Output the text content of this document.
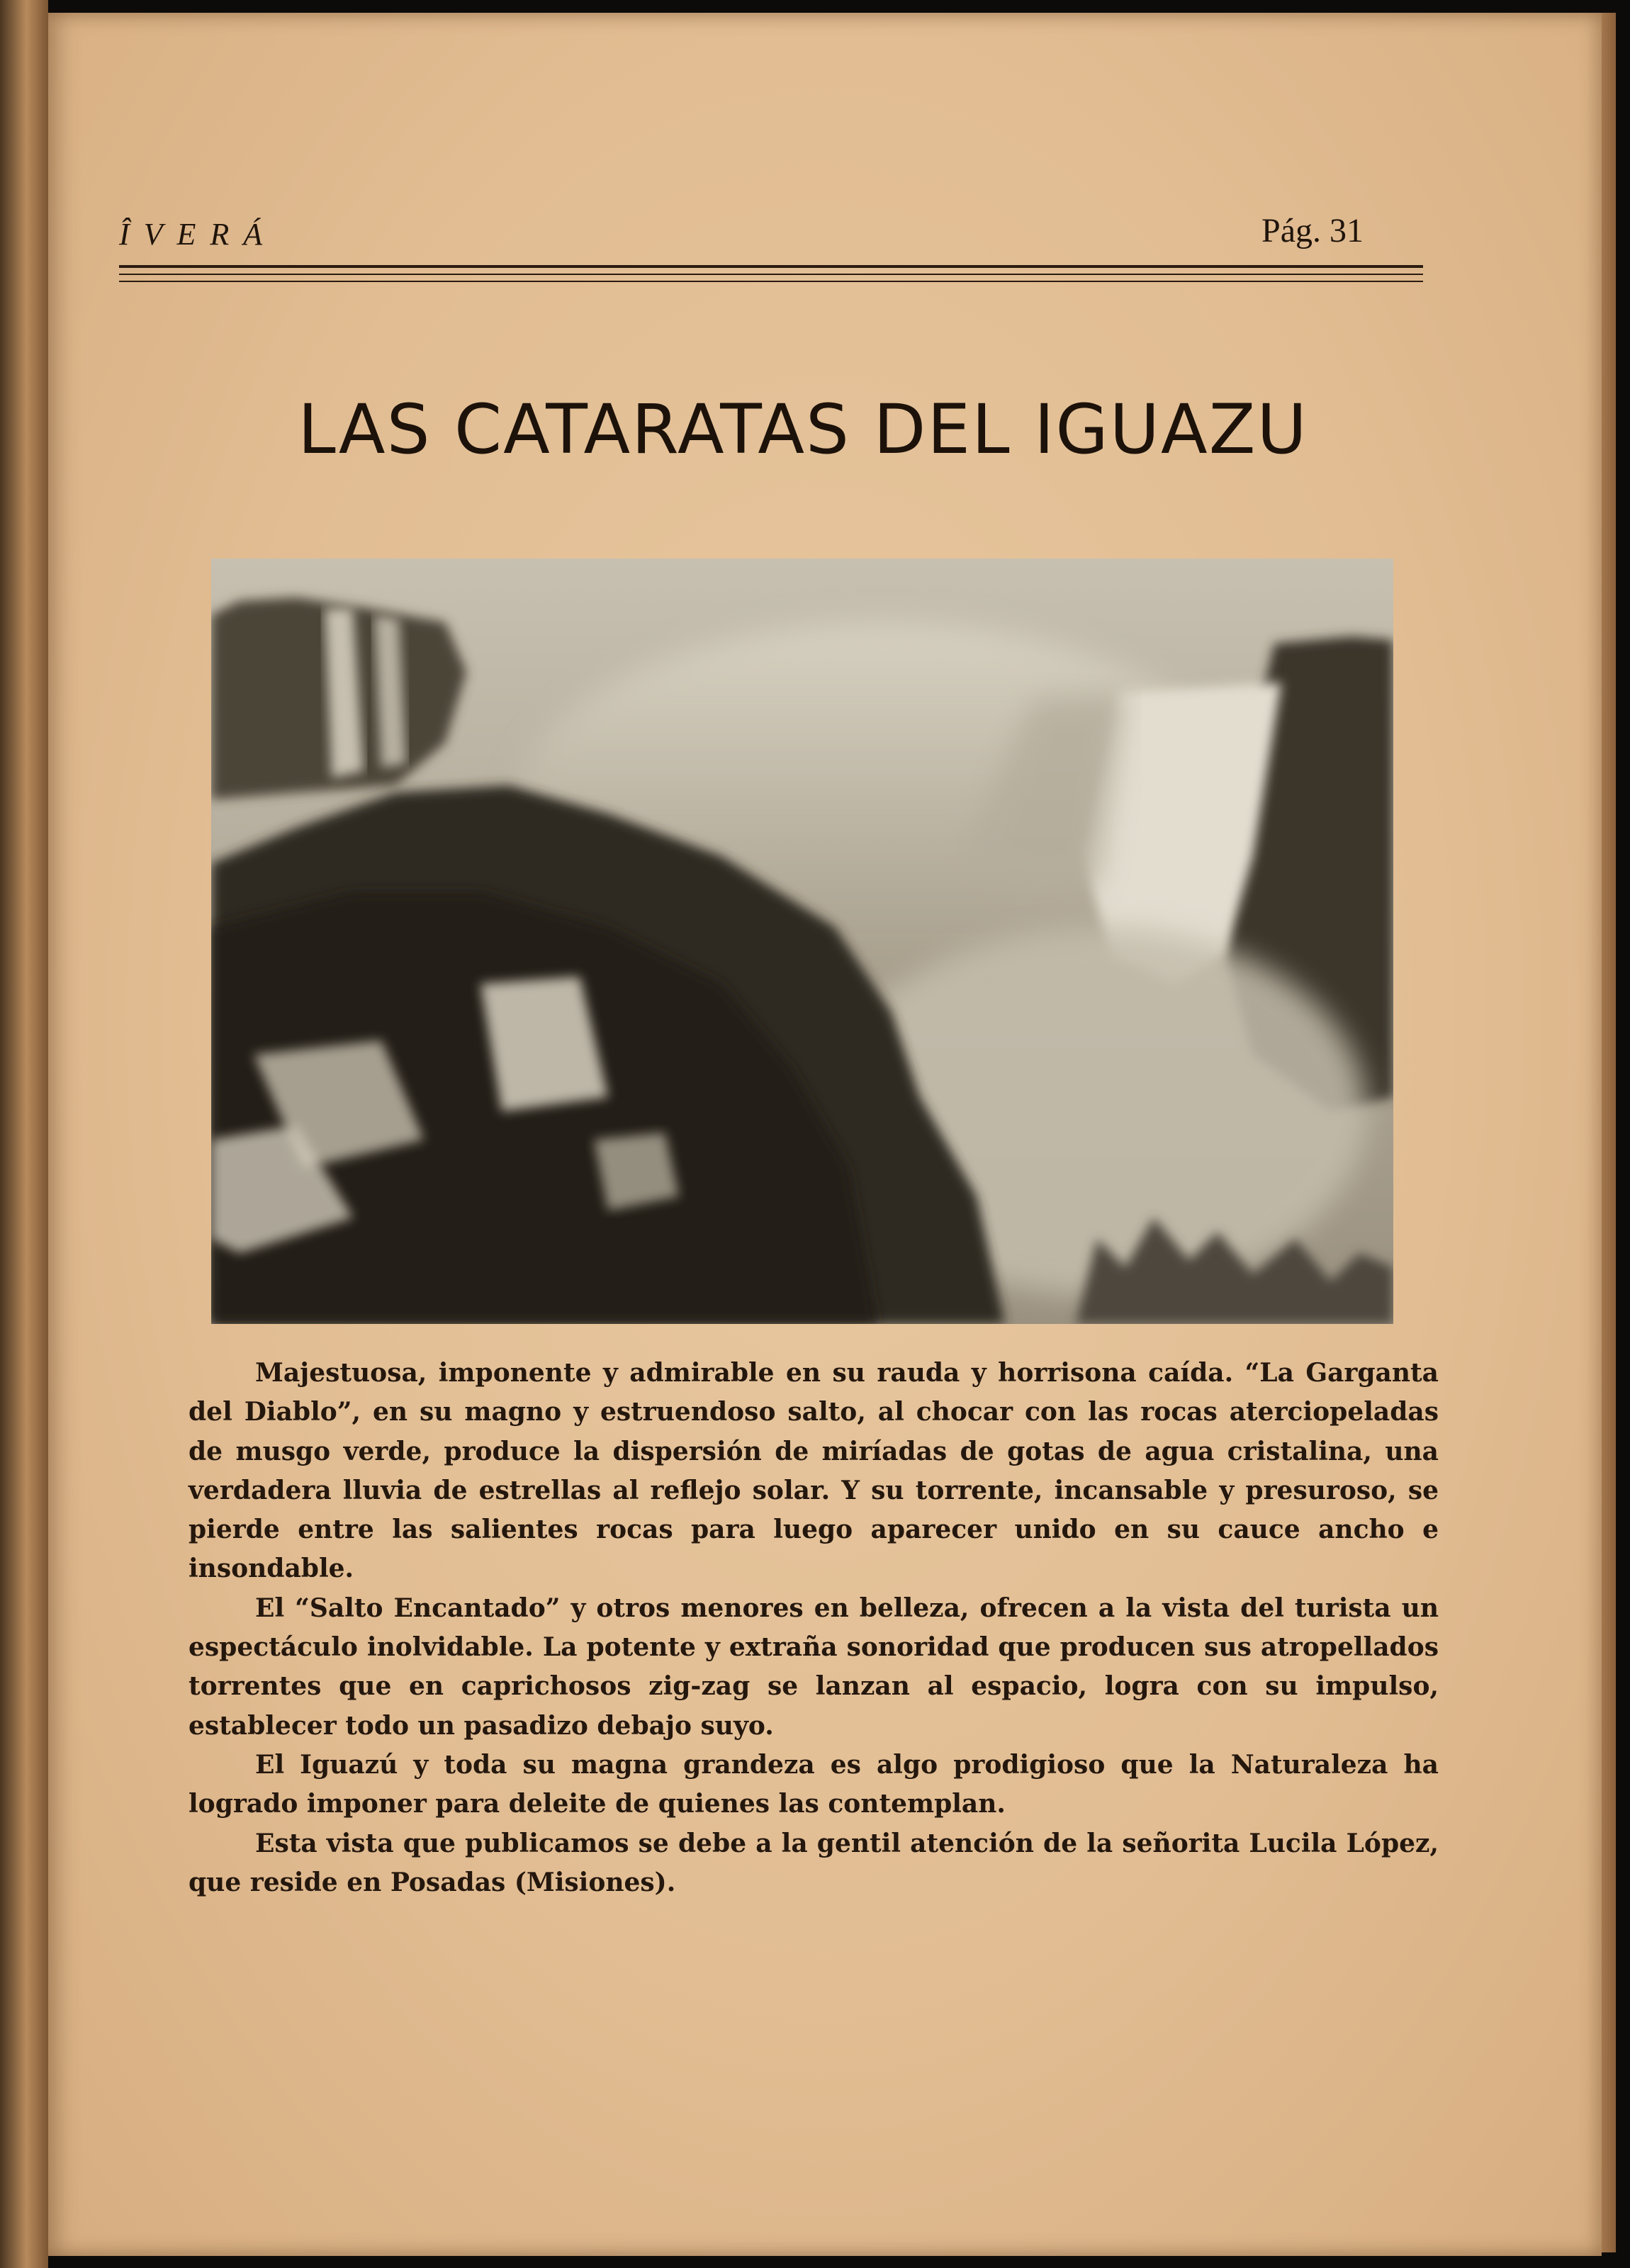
ÎVERÁ	Pág. 31
LAS CATARATAS DEL IGUAZU

Majestuosa, imponente y admirable en su rauda y horrisona caída. “La Garganta del Diablo”, en su magno y estruendoso salto, al chocar con las rocas aterciopeladas de musgo verde, produce la dispersión de miríadas de gotas de agua cristalina, una verdadera lluvia de estrellas al reflejo solar. Y su torrente, incansable y presuroso, se pierde entre las salientes rocas para luego aparecer unido en su cauce ancho e insondable.

El “Salto Encantado” y otros menores en belleza, ofrecen a la vista del turista un espectáculo inolvidable. La potente y extraña sonoridad que producen sus atropellados torrentes que en caprichosos zig-zag se lanzan al espacio, logra con su impulso, establecer todo un pasadizo debajo suyo.

El Iguazú y toda su magna grandeza es algo prodigioso que la Naturaleza ha logrado imponer para deleite de quienes las contemplan.

Esta vista que publicamos se debe a la gentil atención de la señorita Lucila López, que reside en Posadas (Misiones).
